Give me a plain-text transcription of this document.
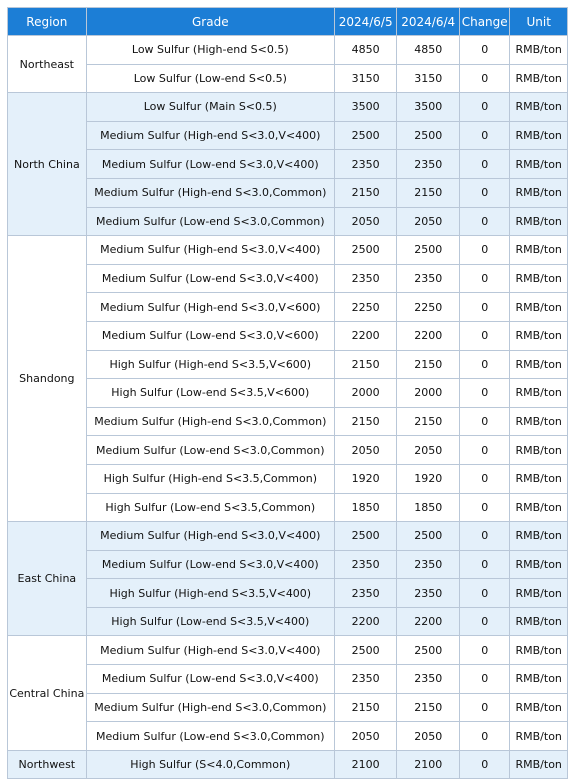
Region	Grade	2024/6/5	2024/6/4	Change	Unit
Northeast	Low Sulfur (High-end S<0.5)	4850	4850	0	RMB/ton
	Low Sulfur (Low-end S<0.5)	3150	3150	0	RMB/ton
North China	Low Sulfur (Main S<0.5)	3500	3500	0	RMB/ton
	Medium Sulfur (High-end S<3.0,V<400)	2500	2500	0	RMB/ton
	Medium Sulfur (Low-end S<3.0,V<400)	2350	2350	0	RMB/ton
	Medium Sulfur (High-end S<3.0,Common)	2150	2150	0	RMB/ton
	Medium Sulfur (Low-end S<3.0,Common)	2050	2050	0	RMB/ton
Shandong	Medium Sulfur (High-end S<3.0,V<400)	2500	2500	0	RMB/ton
	Medium Sulfur (Low-end S<3.0,V<400)	2350	2350	0	RMB/ton
	Medium Sulfur (High-end S<3.0,V<600)	2250	2250	0	RMB/ton
	Medium Sulfur (Low-end S<3.0,V<600)	2200	2200	0	RMB/ton
	High Sulfur (High-end S<3.5,V<600)	2150	2150	0	RMB/ton
	High Sulfur (Low-end S<3.5,V<600)	2000	2000	0	RMB/ton
	Medium Sulfur (High-end S<3.0,Common)	2150	2150	0	RMB/ton
	Medium Sulfur (Low-end S<3.0,Common)	2050	2050	0	RMB/ton
	High Sulfur (High-end S<3.5,Common)	1920	1920	0	RMB/ton
	High Sulfur (Low-end S<3.5,Common)	1850	1850	0	RMB/ton
East China	Medium Sulfur (High-end S<3.0,V<400)	2500	2500	0	RMB/ton
	Medium Sulfur (Low-end S<3.0,V<400)	2350	2350	0	RMB/ton
	High Sulfur (High-end S<3.5,V<400)	2350	2350	0	RMB/ton
	High Sulfur (Low-end S<3.5,V<400)	2200	2200	0	RMB/ton
Central China	Medium Sulfur (High-end S<3.0,V<400)	2500	2500	0	RMB/ton
	Medium Sulfur (Low-end S<3.0,V<400)	2350	2350	0	RMB/ton
	Medium Sulfur (High-end S<3.0,Common)	2150	2150	0	RMB/ton
	Medium Sulfur (Low-end S<3.0,Common)	2050	2050	0	RMB/ton
Northwest	High Sulfur (S<4.0,Common)	2100	2100	0	RMB/ton
